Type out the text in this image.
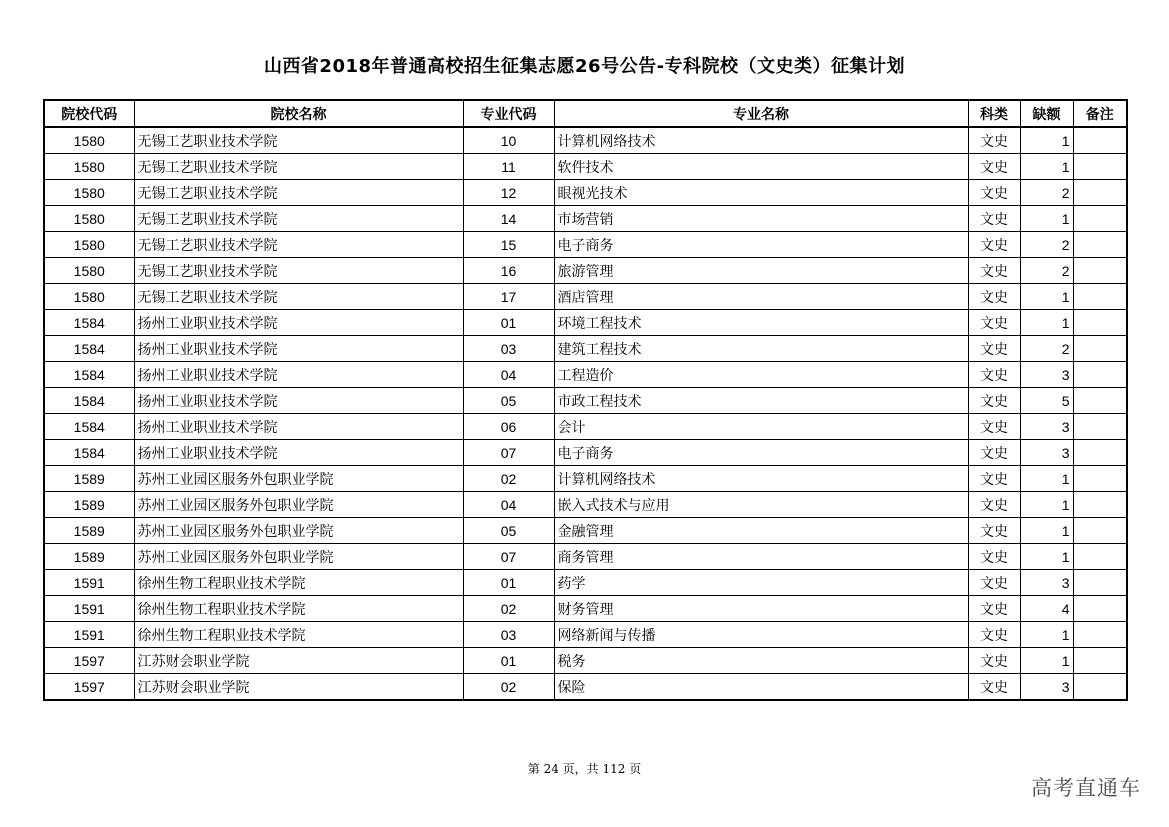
山西省2018年普通高校招生征集志愿26号公告-专科院校（文史类）征集计划
院校代码	院校名称	专业代码	专业名称	科类	缺额	备注
1580	无锡工艺职业技术学院	10	计算机网络技术	文史	1	
1580	无锡工艺职业技术学院	11	软件技术	文史	1	
1580	无锡工艺职业技术学院	12	眼视光技术	文史	2	
1580	无锡工艺职业技术学院	14	市场营销	文史	1	
1580	无锡工艺职业技术学院	15	电子商务	文史	2	
1580	无锡工艺职业技术学院	16	旅游管理	文史	2	
1580	无锡工艺职业技术学院	17	酒店管理	文史	1	
1584	扬州工业职业技术学院	01	环境工程技术	文史	1	
1584	扬州工业职业技术学院	03	建筑工程技术	文史	2	
1584	扬州工业职业技术学院	04	工程造价	文史	3	
1584	扬州工业职业技术学院	05	市政工程技术	文史	5	
1584	扬州工业职业技术学院	06	会计	文史	3	
1584	扬州工业职业技术学院	07	电子商务	文史	3	
1589	苏州工业园区服务外包职业学院	02	计算机网络技术	文史	1	
1589	苏州工业园区服务外包职业学院	04	嵌入式技术与应用	文史	1	
1589	苏州工业园区服务外包职业学院	05	金融管理	文史	1	
1589	苏州工业园区服务外包职业学院	07	商务管理	文史	1	
1591	徐州生物工程职业技术学院	01	药学	文史	3	
1591	徐州生物工程职业技术学院	02	财务管理	文史	4	
1591	徐州生物工程职业技术学院	03	网络新闻与传播	文史	1	
1597	江苏财会职业学院	01	税务	文史	1	
1597	江苏财会职业学院	02	保险	文史	3	
第 24 页，共 112 页
高考直通车
